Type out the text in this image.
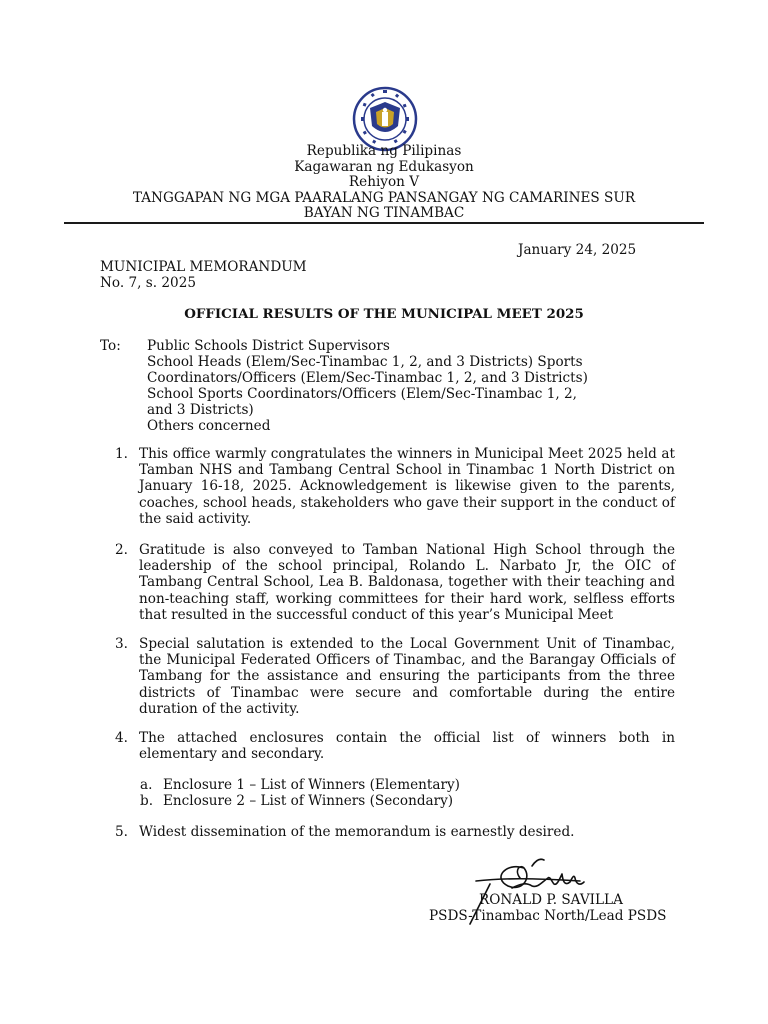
Republika ng Pilipinas
Kagawaran ng Edukasyon
Rehiyon V
TANGGAPAN NG MGA PAARALANG PANSANGAY NG CAMARINES SUR
BAYAN NG TINAMBAC
January 24, 2025
MUNICIPAL MEMORANDUM
No. 7, s. 2025
OFFICIAL RESULTS OF THE MUNICIPAL MEET 2025
To: Public Schools District Supervisors
School Heads (Elem/Sec-Tinambac 1, 2, and 3 Districts) Sports Coordinators/Officers (Elem/Sec-Tinambac 1, 2, and 3 Districts)
School Sports Coordinators/Officers (Elem/Sec-Tinambac 1, 2, and 3 Districts)
Others concerned
1. This office warmly congratulates the winners in Municipal Meet 2025 held at Tamban NHS and Tambang Central School in Tinambac 1 North District on January 16-18, 2025. Acknowledgement is likewise given to the parents, coaches, school heads, stakeholders who gave their support in the conduct of the said activity.
2. Gratitude is also conveyed to Tamban National High School through the leadership of the school principal, Rolando L. Narbato Jr, the OIC of Tambang Central School, Lea B. Baldonasa, together with their teaching and non-teaching staff, working committees for their hard work, selfless efforts that resulted in the successful conduct of this year’s Municipal Meet
3. Special salutation is extended to the Local Government Unit of Tinambac, the Municipal Federated Officers of Tinambac, and the Barangay Officials of Tambang for the assistance and ensuring the participants from the three districts of Tinambac were secure and comfortable during the entire duration of the activity.
4. The attached enclosures contain the official list of winners both in elementary and secondary.
a. Enclosure 1 – List of Winners (Elementary)
b. Enclosure 2 – List of Winners (Secondary)
5. Widest dissemination of the memorandum is earnestly desired.
RONALD P. SAVILLA
PSDS-Tinambac North/Lead PSDS
